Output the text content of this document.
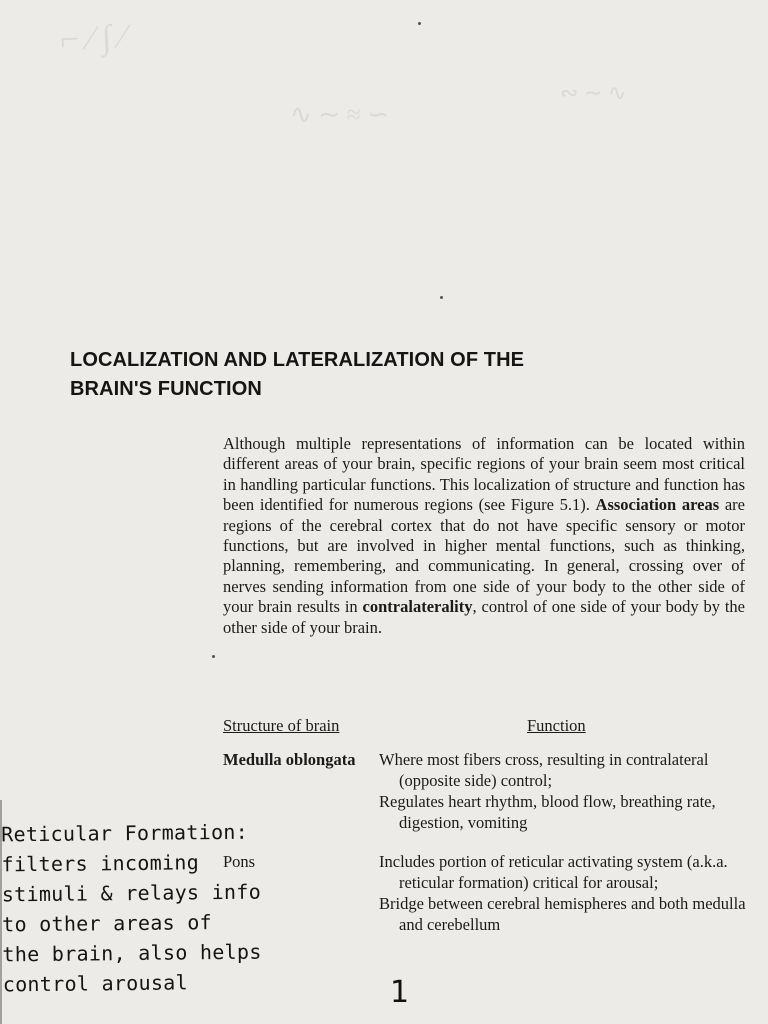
⌐ ⁄ ∫ ∕
∿ ∼ ≈ ∽
∾ ∼ ∿
LOCALIZATION AND LATERALIZATION OF THE
BRAIN'S FUNCTION
Although multiple representations of information can be located within different areas of your brain, specific regions of your brain seem most critical in handling particular functions. This localization of structure and function has been identified for numerous regions (see Figure 5.1). Association areas are regions of the cerebral cortex that do not have specific sensory or motor functions, but are involved in higher mental functions, such as thinking, planning, remembering, and communicating. In general, crossing over of nerves sending information from one side of your body to the other side of your brain results in contralaterality, control of one side of your body by the other side of your brain.
Structure of brain	Function
Medulla oblongata Where most fibers cross, resulting in contralateral (opposite side) control;

Regulates heart rhythm, blood flow, breathing rate, digestion, vomiting

Pons	Includes portion of reticular activating system (a.k.a. reticular formation) critical for arousal;

Bridge between cerebral hemispheres and both medulla and cerebellum

Reticular Formation:
filters incoming
stimuli & relays info
to other areas of
the brain, also helps
control arousal	1
